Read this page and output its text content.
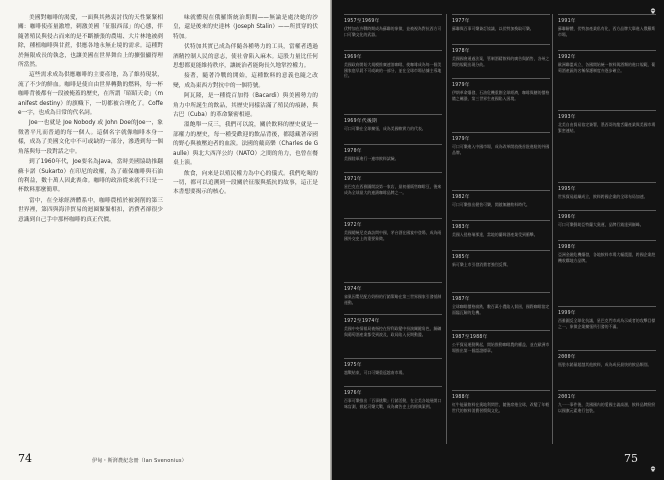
美國對咖啡的渴愛，一面與其熱衷討伐的天性緊緊相關：咖啡使產量激增，刺激美國「征服西部」的心態，伴隨著殖民與侵占而來的是不斷擴張的農場、大片林地被剷除，種植咖啡與甘蔗，供應各地永無止境的需求。這種對於無限成長的執念，也讓美國在世界舞台上的擴張顯得理所當然。

這些需求成為供應咖啡的主要產地，為了維持現狀，流了不少的鮮血。咖啡是使自由世界轉動的燃料，每一杯咖啡背後都有一段被掩蓋的歷史，在所謂「昭昭天命」（manifest destiny）的旗幟下，一切都被合理化了。Coffee一字，也成為日常的代名詞。

Joe一也就是 Joe Nobody 或 John Doe的Joe一，象徵著平凡而普通的每一個人。這個名字就像咖啡本身一樣，成為了美國文化中不可或缺的一部分，滲透到每一個角落與每一段對話之中。

到了1960年代，Joe要名為Java，當時美國協助推翻蘇卡諾（Sukarto）在印尼的政權，為了確保咖啡與石油的利益，數十萬人因此喪命。咖啡的政治從來就不只是一杯飲料那麼簡單。

當中，在全球經濟體系中，咖啡農植於被剝削的第三世界裡，第四與海洋貿易的迴圈緊緊相扣，消費者卻很少意識到自己手中那杯咖啡的真正代價。

味就體現在俄羅斯統治期間——無論是處決她的沙皇，還是後來的史達林（Joseph Stalin）——所貫穿的伏特加。

伏特加其實已成為伴隨各種勢力的工具，當權者透過酒精控制人民的意志，使社會陷入麻木。這股力量比任何思想都更能維持秩序，讓統治者能夠長久地掌控權力。

接著，隨著冷戰的開始，這種飲料的意義也隨之改變，成為東西方對抗中的一個符號。

阿瓦隆，是一種從百加得（Bacardi）與美國勢力的角力中所誕生的飲品，其歷史同樣沾滿了殖民的痕跡，與古巴（Cuba）的革命緊密相連。

溫飽舉一反三，我們可以說，關於飲料的歷史就是一部權力的歷史，每一種受歡迎的飲品背後，都隱藏著帝國的野心與被壓迫者的血淚。法國的戴高樂（Charles de Gaulle）與北大西洋公約（NATO）之間的角力，也曾在餐桌上演。

飲食，向來是以殖民權力為中心的儀式。我們吃喝的一切，都可以追溯到一段關於征服與抵抗的故事，這正是本書想要揭示的核心。

74	伊甸・斯湃農紀念冊（Ian Svenonius）
1957至1969年
伏特加在冷戰時期成為蘇聯的象徵，並被視為對抗西方可口可樂文化的武器。
1969年
美國政府開始大規模推廣速溶咖啡，使咖啡成為每一個美國家庭早晨不可或缺的一部分，並在全球市場佔據主導地位。
1969年代後期
可口可樂在全球擴張，成為美國軟實力的代表。
1970年
美國陸軍進行一連串飲料試驗。
1971年
星巴克在西雅圖開設第一家店，最初僅販售咖啡豆，後來成為全球最大的連鎖咖啡品牌之一。
1972年
美國總統尼克森訪問中國，茅台酒在國宴中登場，成為兩國外交史上的重要象徵。
1974年
雀巢因嬰兒配方奶粉的行銷策略在第三世界國家引發抵制運動。
1972至1974年
美國中央情報局被指控在智利政變中扮演關鍵角色，銅礦與葡萄酒產業都受到波及，政局陷入長期動盪。
1975年
越戰結束，可口可樂重返越南市場。
1976年
百事可樂推出「百事挑戰」行銷活動，在全美各地展開口味盲測，掀起可樂大戰，成為廣告史上的經典案例。
1977年
蘇聯與百事可樂簽訂協議，以伏特加換取可樂。
1978年
美國國會通過法案，管制酒精飲料的廣告與銷售，各州之間的規範出現分歧。
1979年
伊朗革命爆發，石油危機重創全球經濟，咖啡與糖的價格隨之飆漲，第三世界生產國陷入困境。
1979年
可口可樂進入中國市場，成為改革開放後首批進駐的外國品牌。
1982年
可口可樂推出健怡可樂，開啟無糖飲料時代。
1983年
美國入侵格瑞那達，當地的蘭姆酒產業受到衝擊。
1985年
新可樂上市引發消費者強烈反彈。
1987年
全球咖啡價格崩跌，數百萬小農陷入貧困，國際咖啡協定面臨瓦解的危機。
1987至1988年
公平貿易運動興起，開始推動咖啡農的權益，並在歐洲市場推出第一個認證標章。
1988年
紅牛能量飲料在奧地利問世，隨後席捲全球，改變了年輕世代的飲料消費習慣與文化。
1991年
蘇聯解體，伏特加產業私有化，西方品牌大舉進入俄羅斯市場。
1992年
歐洲聯盟成立，各國開始統一飲料與酒類的進口規範，葡萄酒產區的名稱保護制度亦逐步確立。
1993年
北美自由貿易協定簽署，墨西哥的龍舌蘭產業與美國市場緊密連結。
1995年
世界貿易組織成立，飲料跨國企業的全球布局加速。
1996年
可口可樂贊助亞特蘭大奧運，品牌行銷達到巔峰。
1998年
亞洲金融危機爆發，各地飲料市場大幅震盪，跨國企業趁機收購地方品牌。
1999年
西雅圖反全球化抗議，星巴克門市成為示威者的攻擊目標之一，象徵企業擴張所引發的不滿。
2000年
瓶裝水銷量超越其他飲料，成為成長最快的飲品類別。
2001年
九一一事件後，美國國內的愛國主義高漲，飲料品牌紛紛以國旗元素進行包裝。
75
